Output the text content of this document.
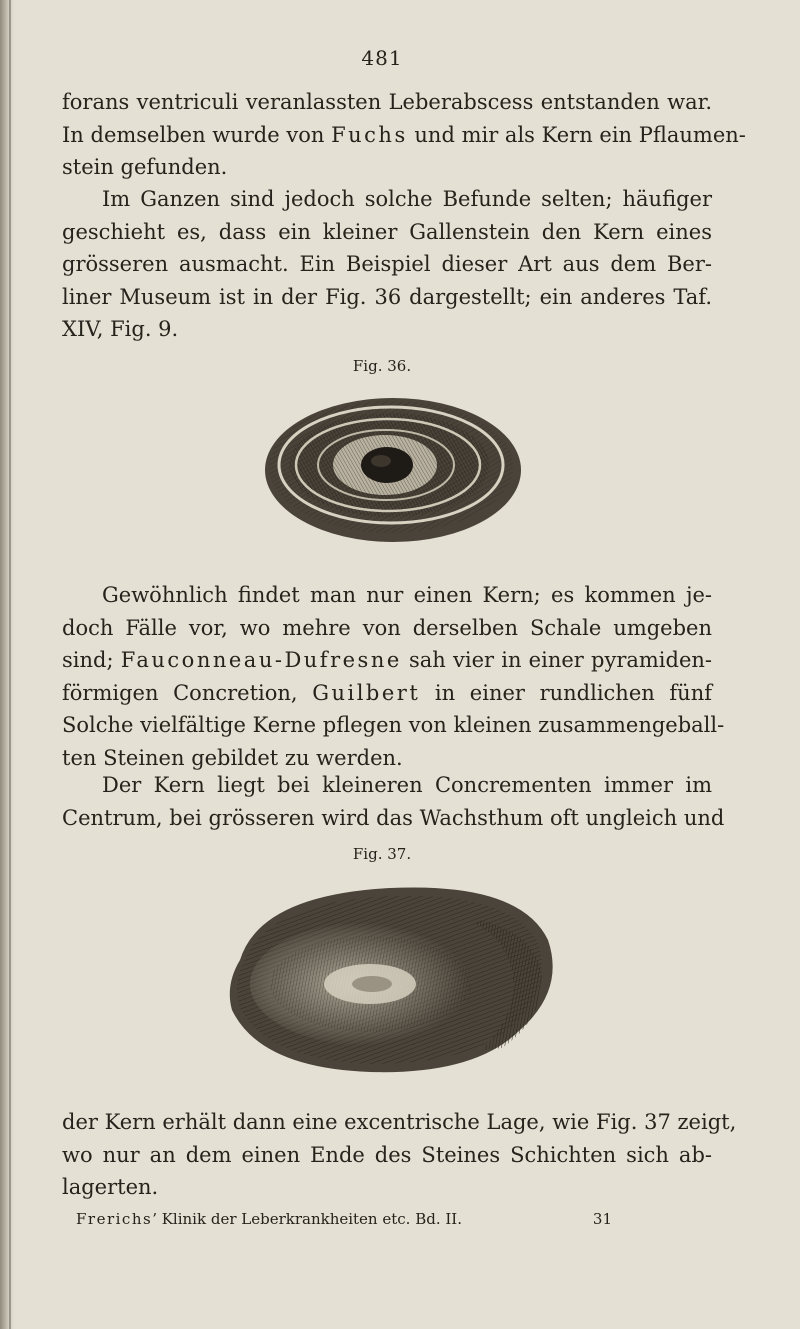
481
forans ventriculi veranlassten Leberabscess entstanden war.
In demselben wurde von Fuchs und mir als Kern ein Pflaumen-
stein gefunden.
Im Ganzen sind jedoch solche Befunde selten; häufiger
geschieht es, dass ein kleiner Gallenstein den Kern eines
grösseren ausmacht. Ein Beispiel dieser Art aus dem Ber-
liner Museum ist in der Fig. 36 dargestellt; ein anderes Taf.
XIV, Fig. 9.
Fig. 36.
Gewöhnlich findet man nur einen Kern; es kommen je-
doch Fälle vor, wo mehre von derselben Schale umgeben
sind; Fauconneau-Dufresne sah vier in einer pyramiden-
förmigen Concretion, Guilbert in einer rundlichen fünf
Solche vielfältige Kerne pflegen von kleinen zusammengeball-
ten Steinen gebildet zu werden.
Der Kern liegt bei kleineren Concrementen immer im
Centrum, bei grösseren wird das Wachsthum oft ungleich und
Fig. 37.
der Kern erhält dann eine excentrische Lage, wie Fig. 37 zeigt,
wo nur an dem einen Ende des Steines Schichten sich ab-
lagerten.
Frerichs’ Klinik der Leberkrankheiten etc. Bd. II.	31
